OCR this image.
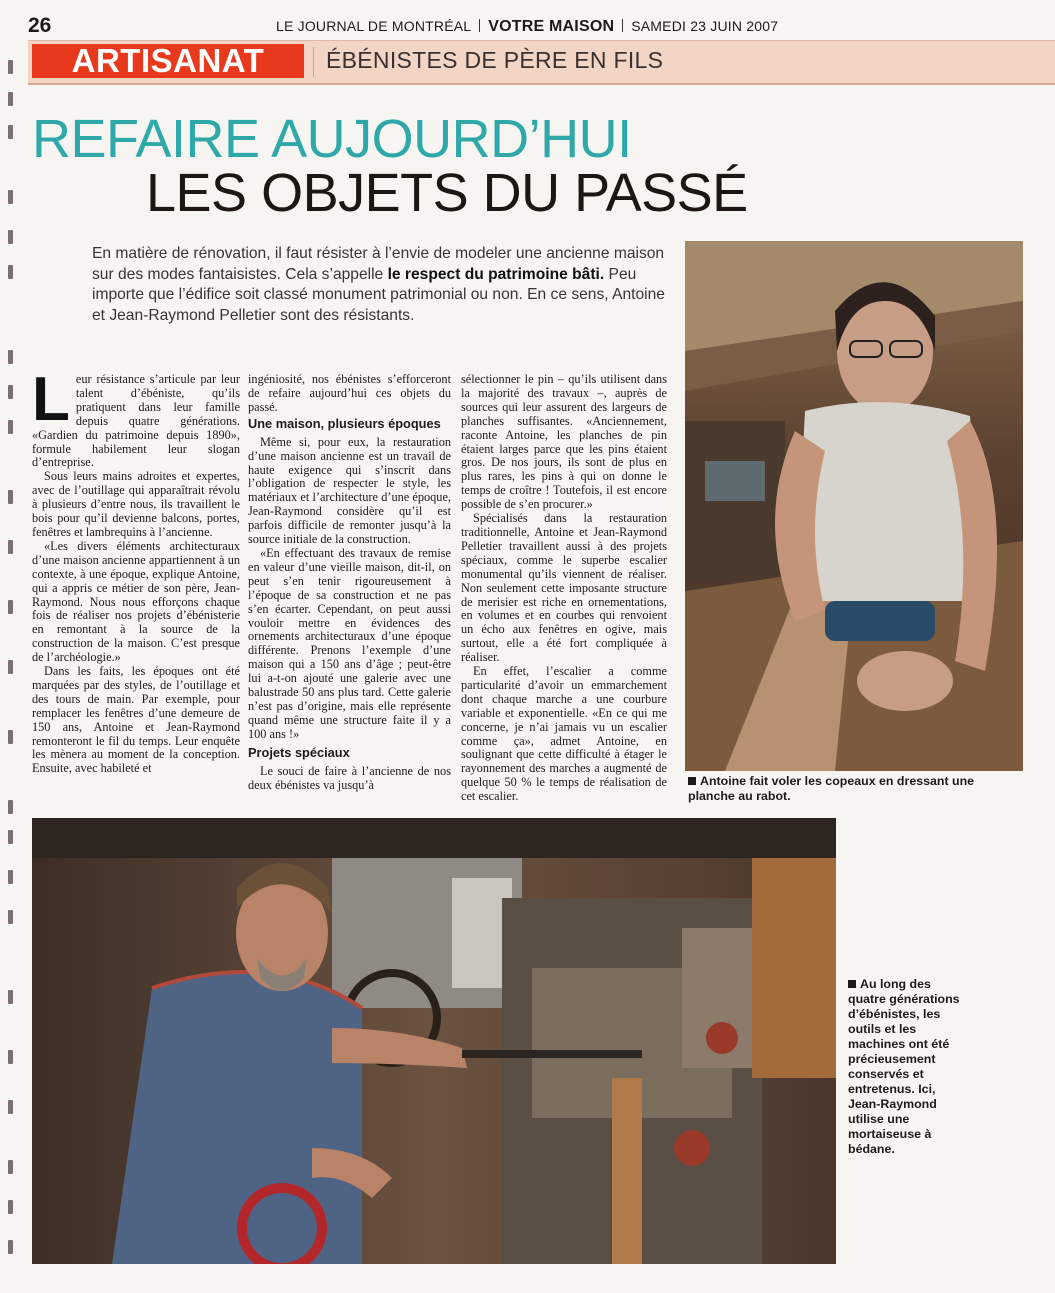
26	LE JOURNAL DE MONTRÉAL VOTRE MAISON SAMEDI 23 JUIN 2007
ARTISANAT	ÉBÉNISTES DE PÈRE EN FILS
REFAIRE AUJOURD’HUI
LES OBJETS DU PASSÉ

En matière de rénovation, il faut résister à l’envie de modeler une ancienne maison sur des modes fantaisistes. Cela s’appelle le respect du patrimoine bâti. Peu importe que l’édifice soit classé monument patrimonial ou non. En ce sens, Antoine et Jean-Raymond Pelletier sont des résistants.

Leur résistance s’articule par leur talent d’ébéniste, qu’ils pratiquent dans leur famille depuis quatre générations. «Gardien du patrimoine depuis 1890», formule habilement leur slogan d’entreprise.

Sous leurs mains adroites et expertes, avec de l’outillage qui apparaîtrait révolu à plusieurs d’entre nous, ils travaillent le bois pour qu’il devienne balcons, portes, fenêtres et lambrequins à l’ancienne.

«Les divers éléments architecturaux d’une maison ancienne appartiennent à un contexte, à une époque, explique Antoine, qui a appris ce métier de son père, Jean-Raymond. Nous nous efforçons chaque fois de réaliser nos projets d’ébénisterie en remontant à la source de la construction de la maison. C’est presque de l’archéologie.»

Dans les faits, les époques ont été marquées par des styles, de l’outillage et des tours de main. Par exemple, pour remplacer les fenêtres d’une demeure de 150 ans, Antoine et Jean-Raymond remonteront le fil du temps. Leur enquête les mènera au moment de la conception. Ensuite, avec habileté et

ingéniosité, nos ébénistes s’efforceront de refaire aujourd’hui ces objets du passé.

Une maison, plusieurs époques

Même si, pour eux, la restauration d’une maison ancienne est un travail de haute exigence qui s’inscrit dans l’obligation de respecter le style, les matériaux et l’architecture d’une époque, Jean-Raymond considère qu’il est parfois difficile de remonter jusqu’à la source initiale de la construction.

«En effectuant des travaux de remise en valeur d’une vieille maison, dit-il, on peut s’en tenir rigoureusement à l’époque de sa construction et ne pas s’en écarter. Cependant, on peut aussi vouloir mettre en évidences des ornements architecturaux d’une époque différente. Prenons l’exemple d’une maison qui a 150 ans d’âge ; peut-être lui a-t-on ajouté une galerie avec une balustrade 50 ans plus tard. Cette galerie n’est pas d’origine, mais elle représente quand même une structure faite il y a 100 ans !»

Projets spéciaux

Le souci de faire à l’ancienne de nos deux ébénistes va jusqu’à

sélectionner le pin – qu’ils utilisent dans la majorité des travaux –, auprès de sources qui leur assurent des largeurs de planches suffisantes. «Anciennement, raconte Antoine, les planches de pin étaient larges parce que les pins étaient gros. De nos jours, ils sont de plus en plus rares, les pins à qui on donne le temps de croître ! Toutefois, il est encore possible de s’en procurer.»

Spécialisés dans la restauration traditionnelle, Antoine et Jean-Raymond Pelletier travaillent aussi à des projets spéciaux, comme le superbe escalier monumental qu’ils viennent de réaliser. Non seulement cette imposante structure de merisier est riche en ornementations, en volumes et en courbes qui renvoient un écho aux fenêtres en ogive, mais surtout, elle a été fort compliquée à réaliser.

En effet, l’escalier a comme particularité d’avoir un emmarchement dont chaque marche a une courbure variable et exponentielle. «En ce qui me concerne, je n’ai jamais vu un escalier comme ça», admet Antoine, en soulignant que cette difficulté à étager le rayonnement des marches a augmenté de quelque 50 % le temps de réalisation de cet escalier.

Antoine fait voler les copeaux en dressant une planche au rabot.

Au long des quatre générations d’ébénistes, les outils et les machines ont été précieusement conservés et entretenus. Ici, Jean-Raymond utilise une mortaiseuse à bédane.
